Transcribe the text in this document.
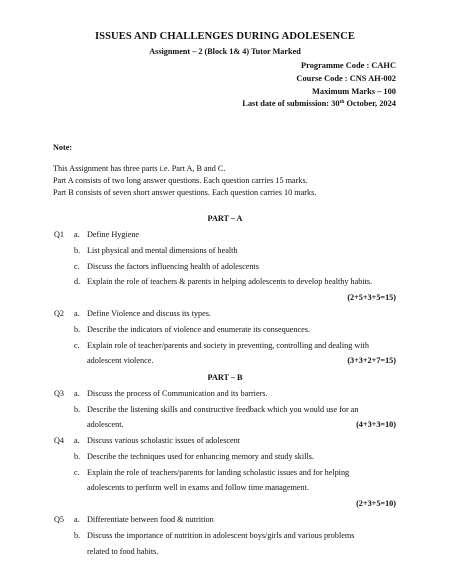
ISSUES AND CHALLENGES DURING ADOLESENCE
Assignment – 2 (Block 1& 4) Tutor Marked
Programme Code : CAHC
Course Code : CNS AH-002
Maximum Marks – 100
Last date of submission: 30th October, 2024
Note:
This Assignment has three parts i.e. Part A, B and C.
Part A consists of two long answer questions. Each question carries 15 marks.
Part B consists of seven short answer questions. Each question carries 10 marks.
PART – A
Q1 a. Define Hygiene
b. List physical and mental dimensions of health
c. Discuss the factors influencing health of adolescents
d. Explain the role of teachers & parents in helping adolescents to develop healthy habits.
(2+5+3+5=15)
Q2 a. Define Violence and discuss its types.
b. Describe the indicators of violence and enumerate its consequences.
c. Explain role of teacher/parents and society in preventing, controlling and dealing with
adolescent violence.	(3+3+2+7=15)
PART – B
Q3 a. Discuss the process of Communication and its barriers.
b. Describe the listening skills and constructive feedback which you would use for an
adolescent.	(4+3+3=10)
Q4 a. Discuss various scholastic issues of adolescent
b. Describe the techniques used for enhancing memory and study skills.
c. Explain the role of teachers/parents for landing scholastic issues and for helping
adolescents to perform well in exams and follow time management.
(2+3+5=10)
Q5 a. Differentiate between food & nutrition
b. Discuss the importance of nutrition in adolescent boys/girls and various problems
related to food habits.
